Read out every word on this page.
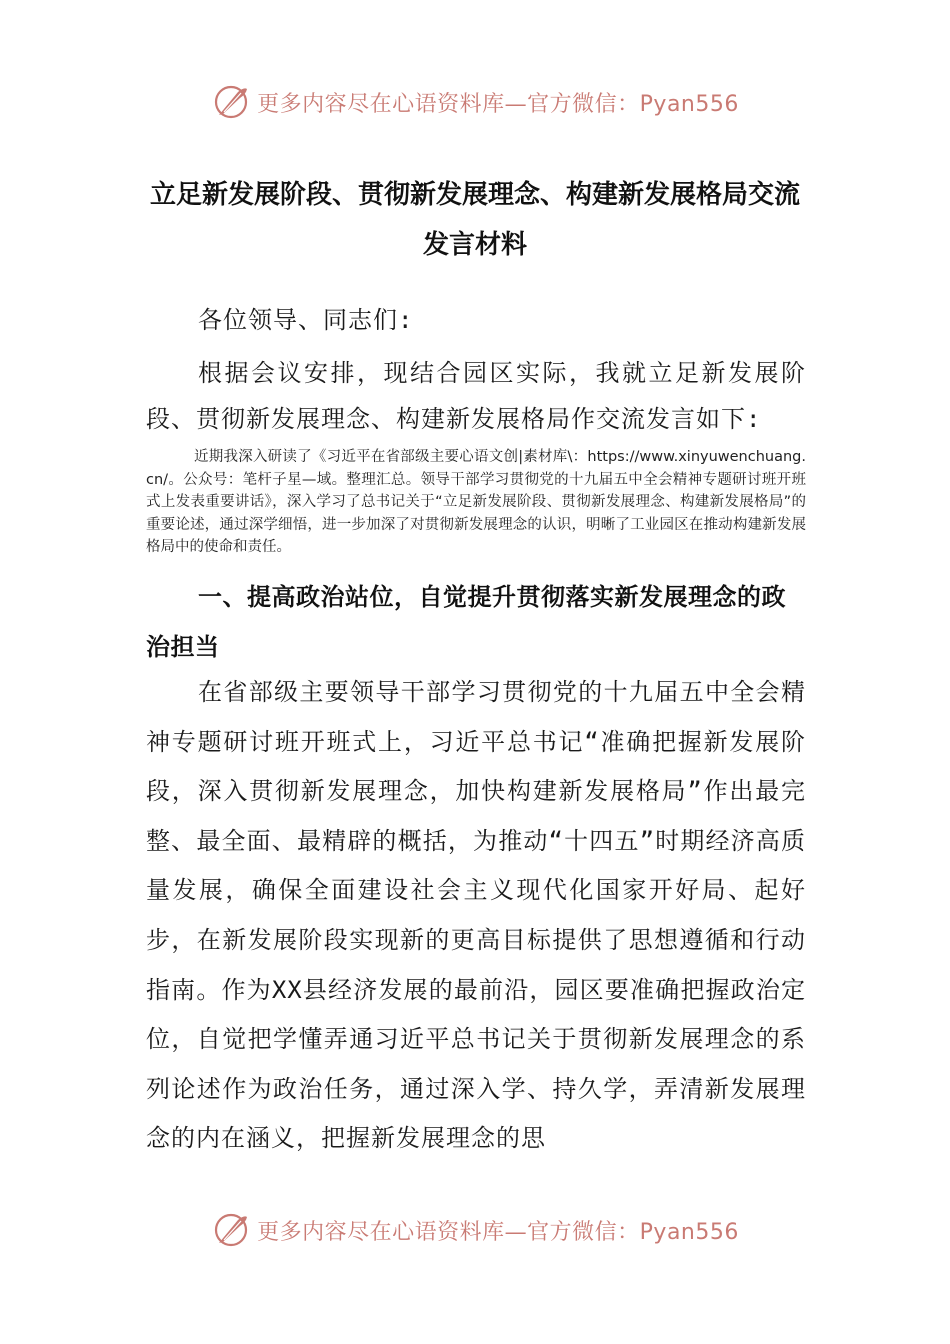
更多内容尽在心语资料库—官方微信：Pyan556
立足新发展阶段、贯彻新发展理念、构建新发展格局交流
发言材料
各位领导、同志们:
根据会议安排，现结合园区实际，我就立足新发展阶段、贯彻新发展理念、构建新发展格局作交流发言如下:
近期我深入研读了《习近平在省部级主要心语文创|素材库\：https://www.xinyuwenchuang.cn/。公众号：笔杆子星—域。整理汇总。领导干部学习贯彻党的十九届五中全会精神专题研讨班开班式上发表重要讲话》，深入学习了总书记关于“立足新发展阶段、贯彻新发展理念、构建新发展格局”的重要论述，通过深学细悟，进一步加深了对贯彻新发展理念的认识，明晰了工业园区在推动构建新发展格局中的使命和责任。
一、提高政治站位，自觉提升贯彻落实新发展理念的政治担当
在省部级主要领导干部学习贯彻党的十九届五中全会精神专题研讨班开班式上，习近平总书记“准确把握新发展阶段，深入贯彻新发展理念，加快构建新发展格局”作出最完整、最全面、最精辟的概括，为推动“十四五”时期经济高质量发展，确保全面建设社会主义现代化国家开好局、起好步，在新发展阶段实现新的更高目标提供了思想遵循和行动指南。作为XX县经济发展的最前沿，园区要准确把握政治定位，自觉把学懂弄通习近平总书记关于贯彻新发展理念的系列论述作为政治任务，通过深入学、持久学，弄清新发展理念的内在涵义，把握新发展理念的思
更多内容尽在心语资料库—官方微信：Pyan556
